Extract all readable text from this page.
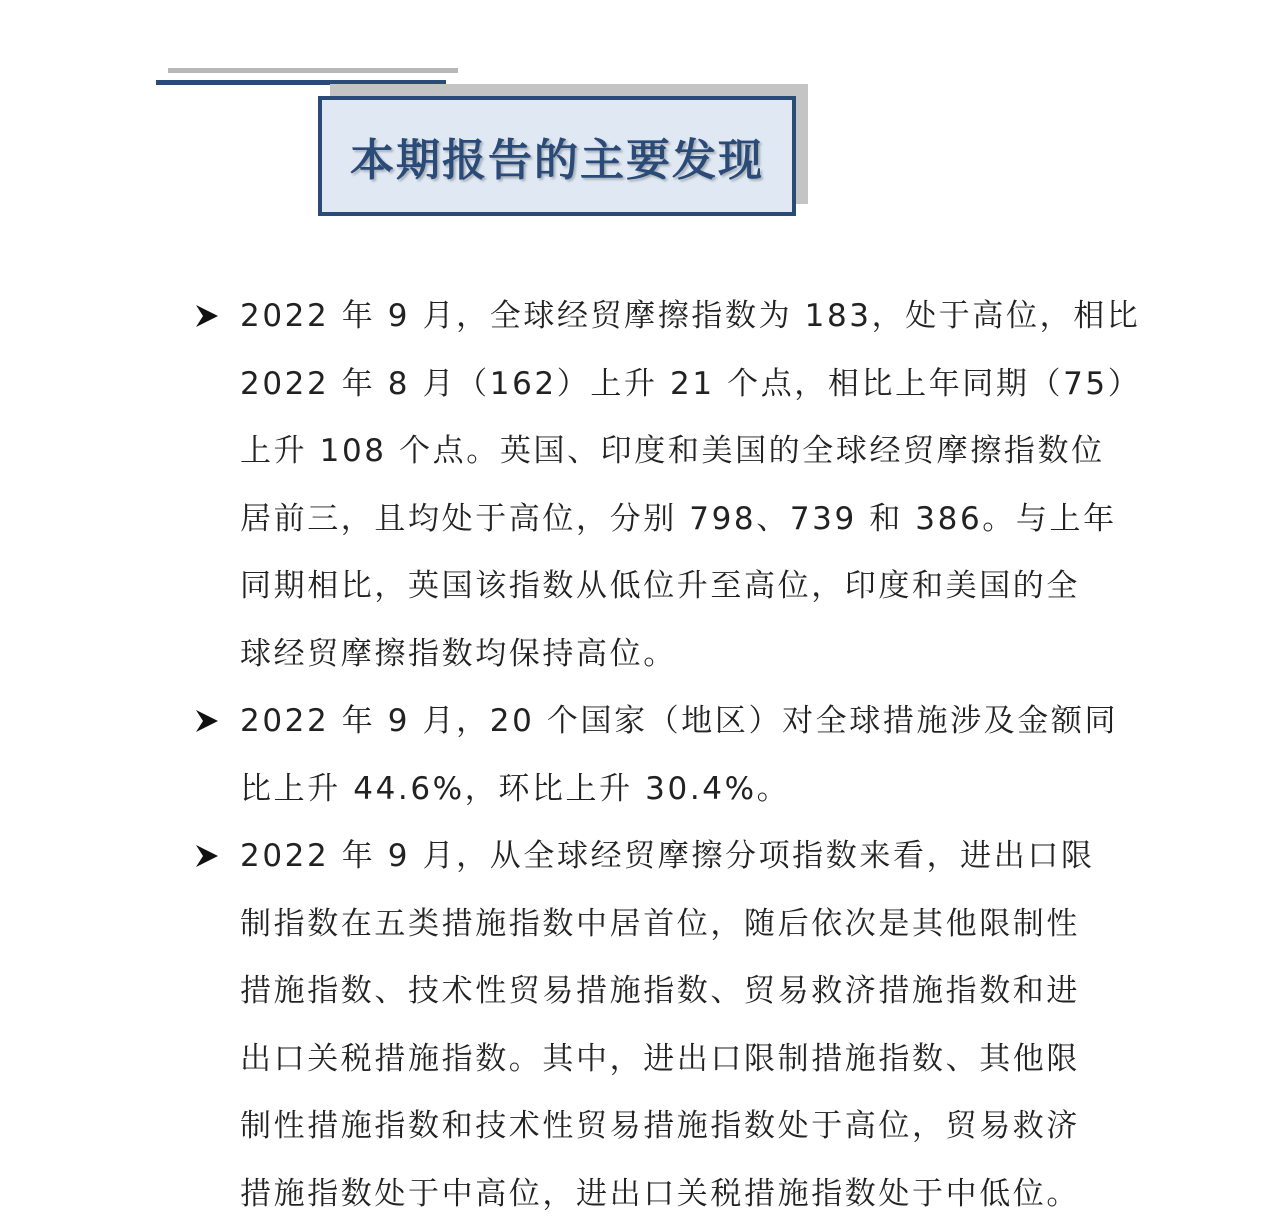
本期报告的主要发现
2022 年 9 月，全球经贸摩擦指数为 183，处于高位，相比
2022 年 8 月（162）上升 21 个点，相比上年同期（75）
上升 108 个点。英国、印度和美国的全球经贸摩擦指数位
居前三，且均处于高位，分别 798、739 和 386。与上年
同期相比，英国该指数从低位升至高位，印度和美国的全
球经贸摩擦指数均保持高位。
2022 年 9 月，20 个国家（地区）对全球措施涉及金额同
比上升 44.6%，环比上升 30.4%。
2022 年 9 月，从全球经贸摩擦分项指数来看，进出口限
制指数在五类措施指数中居首位，随后依次是其他限制性
措施指数、技术性贸易措施指数、贸易救济措施指数和进
出口关税措施指数。其中，进出口限制措施指数、其他限
制性措施指数和技术性贸易措施指数处于高位，贸易救济
措施指数处于中高位，进出口关税措施指数处于中低位。
